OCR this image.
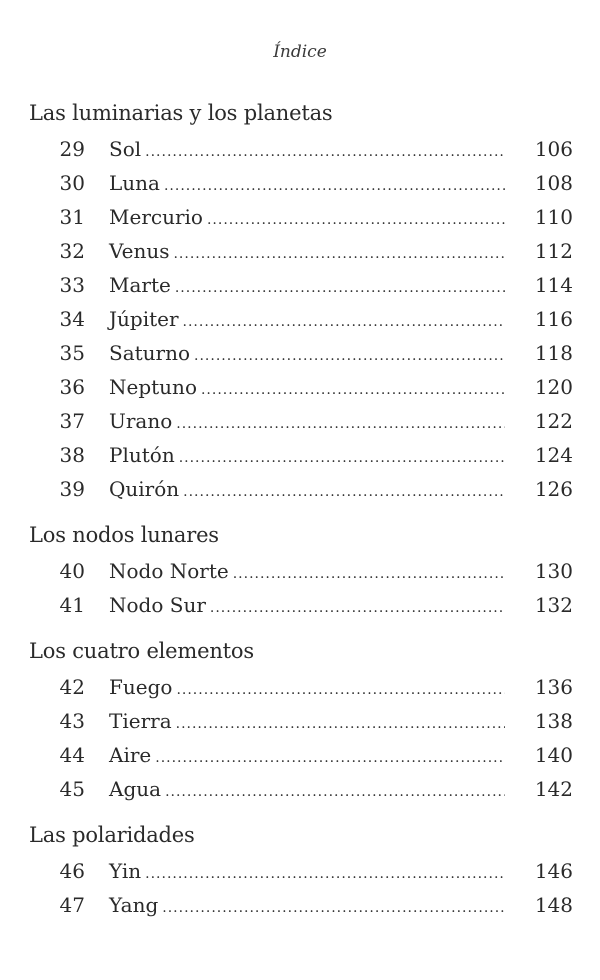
Índice
Las luminarias y los planetas
29	Sol .....	106
30	Luna .....	108
31	Mercurio .....	110
32	Venus .....	112
33	Marte .....	114
34	Júpiter .....	116
35	Saturno .....	118
36	Neptuno .....	120
37	Urano .....	122
38	Plutón .....	124
39	Quirón .....	126
Los nodos lunares
40	Nodo Norte .....	130
41	Nodo Sur .....	132
Los cuatro elementos
42	Fuego .....	136
43	Tierra .....	138
44	Aire .....	140
45	Agua .....	142
Las polaridades
46	Yin .....	146
47	Yang .....	148
